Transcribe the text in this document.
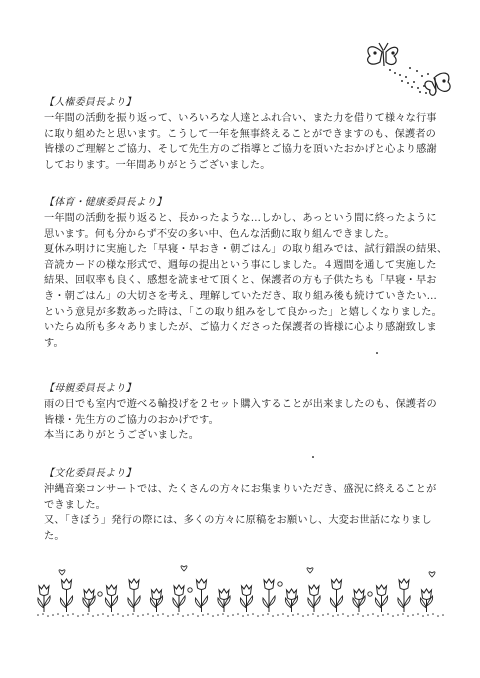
【人権委員長より】

一年間の活動を振り返って、いろいろな人達とふれ合い、また力を借りて様々な行事
に取り組めたと思います。こうして一年を無事終えることができますのも、保護者の
皆様のご理解とご協力、そして先生方のご指導とご協力を頂いたおかげと心より感謝
しております。一年間ありがとうございました。

【体育・健康委員長より】

一年間の活動を振り返ると、長かったような…しかし、あっという間に終ったように
思います。何も分からず不安の多い中、色んな活動に取り組んできました。
夏休み明けに実施した「早寝・早おき・朝ごはん」の取り組みでは、試行錯誤の結果、
音読カードの様な形式で、週毎の提出という事にしました。４週間を通して実施した
結果、回収率も良く、感想を読ませて頂くと、保護者の方も子供たちも「早寝・早お
き・朝ごはん」の大切さを考え、理解していただき、取り組み後も続けていきたい…
という意見が多数あった時は、「この取り組みをして良かった」と嬉しくなりました。
いたらぬ所も多々ありましたが、ご協力くださった保護者の皆様に心より感謝致しま
す。

【母親委員長より】

雨の日でも室内で遊べる輪投げを２セット購入することが出来ましたのも、保護者の
皆様・先生方のご協力のおかげです。
本当にありがとうございました。

【文化委員長より】

沖縄音楽コンサートでは、たくさんの方々にお集まりいただき、盛況に終えることが
できました。
又、「きぼう」発行の際には、多くの方々に原稿をお願いし、大変お世話になりました。
